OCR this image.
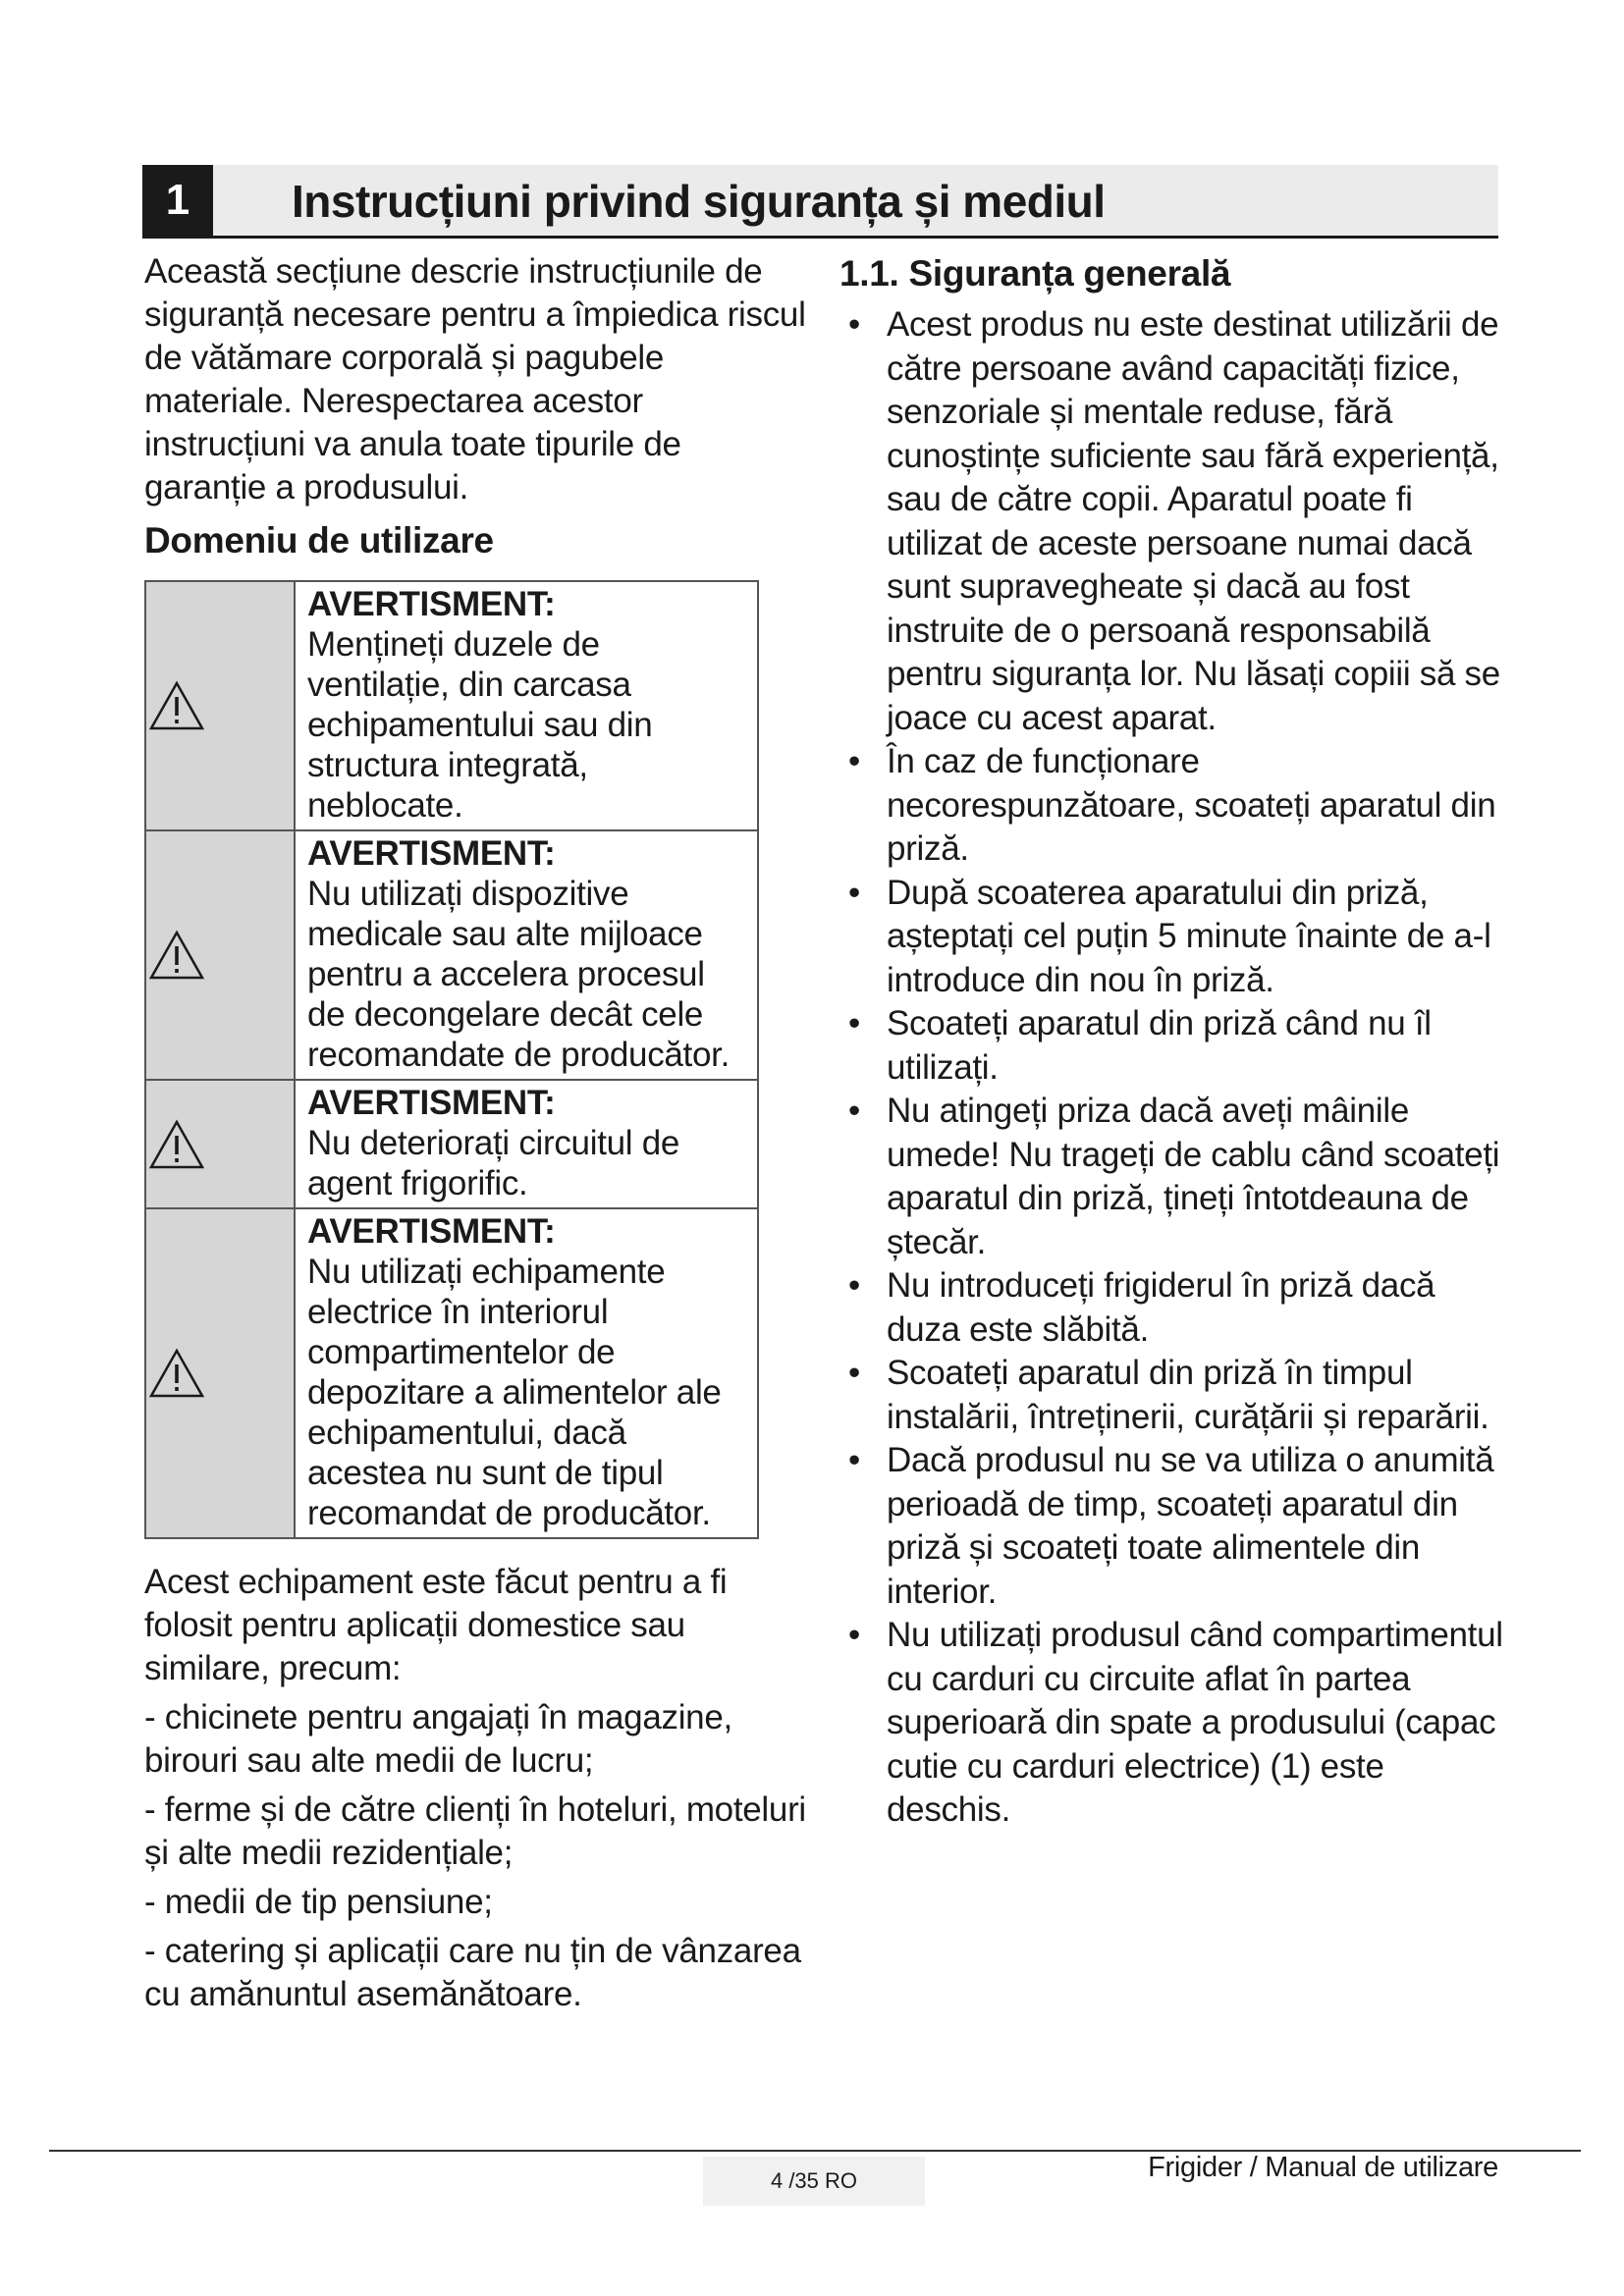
1	Instrucțiuni privind siguranța și mediul

Această secțiune descrie instrucțiunile de siguranță necesare pentru a împiedica riscul de vătămare corporală și pagubele materiale. Nerespectarea acestor instrucțiuni va anula toate tipurile de garanție a produsului.

Domeniu de utilizare
AVERTISMENT:
Mențineți duzele de ventilație, din carcasa echipamentului sau din structura integrată, neblocate.
AVERTISMENT:
Nu utilizați dispozitive medicale sau alte mijloace pentru a accelera procesul de decongelare decât cele recomandate de producător.
AVERTISMENT:
Nu deteriorați circuitul de agent frigorific.
AVERTISMENT:
Nu utilizați echipamente electrice în interiorul compartimentelor de depozitare a alimentelor ale echipamentului, dacă acestea nu sunt de tipul recomandat de producător.

Acest echipament este făcut pentru a fi folosit pentru aplicații domestice sau similare, precum:

- chicinete pentru angajați în magazine, birouri sau alte medii de lucru;

- ferme și de către clienți în hoteluri, moteluri și alte medii rezidențiale;

- medii de tip pensiune;

- catering și aplicații care nu țin de vânzarea cu amănuntul asemănătoare.

1.1. Siguranța generală
• Acest produs nu este destinat utilizării de către persoane având capacități fizice, senzoriale și mentale reduse, fără cunoștințe suficiente sau fără experiență, sau de către copii. Aparatul poate fi utilizat de aceste persoane numai dacă sunt supravegheate și dacă au fost instruite de o persoană responsabilă pentru siguranța lor. Nu lăsați copiii să se joace cu acest aparat.
• În caz de funcționare necorespunzătoare, scoateți aparatul din priză.
• După scoaterea aparatului din priză, așteptați cel puțin 5 minute înainte de a-l introduce din nou în priză.
• Scoateți aparatul din priză când nu îl utilizați.
• Nu atingeți priza dacă aveți mâinile umede! Nu trageți de cablu când scoateți aparatul din priză, țineți întotdeauna de ștecăr.
• Nu introduceți frigiderul în priză dacă duza este slăbită.
• Scoateți aparatul din priză în timpul instalării, întreținerii, curățării și reparării.
• Dacă produsul nu se va utiliza o anumită perioadă de timp, scoateți aparatul din priză și scoateți toate alimentele din interior.
• Nu utilizați produsul când compartimentul cu carduri cu circuite aflat în partea superioară din spate a produsului (capac cutie cu carduri electrice) (1) este deschis.
4 /35 RO	Frigider / Manual de utilizare
